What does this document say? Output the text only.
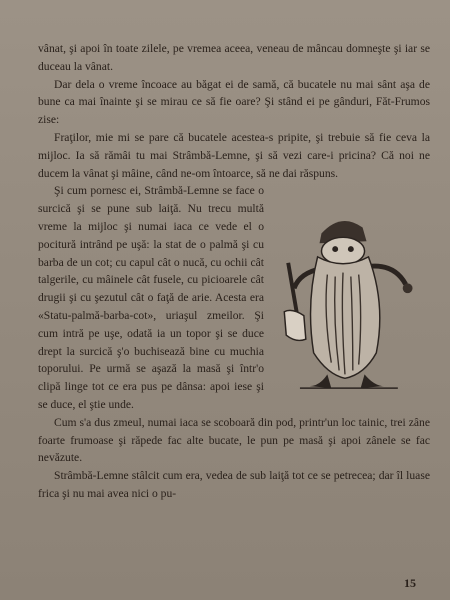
vânat, şi apoi în toate zilele, pe vremea aceea, veneau de mâncau domneşte şi iar se duceau la vânat.

Dar dela o vreme încoace au băgat ei de samă, că bucatele nu mai sânt aşa de bune ca mai înainte şi se mirau ce să fie oare? Şi stând ei pe gânduri, Făt-Frumos zise:

Fraţilor, mie mi se pare că bucatele acestea-s pripite, şi trebuie să fie ceva la mijloc. Ia să rămâi tu mai Strâmbă-Lemne, şi să vezi care-i pricina? Că noi ne ducem la vânat şi mâine, când ne-om întoarce, să ne dai răspuns.

Şi cum pornesc ei, Strâmbă-Lemne se face o surcică şi se pune sub laiţă. Nu trecu multă vreme la mijloc şi numai iaca ce vede el o pocitură intrând pe uşă: la stat de o palmă şi cu barba de un cot; cu capul cât o nucă, cu ochii cât talgerile, cu mâinele cât fusele, cu picioarele cât drugii şi cu şezutul cât o faţă de arie. Acesta era «Statu-palmă-barba-cot», uriaşul zmeilor. Şi cum intră pe uşe, odată ia un topor şi se duce drept la surcică ş'o buchisează bine cu muchia toporului. Pe urmă se aşază la masă şi într'o clipă linge tot ce era pus pe dânsa: apoi iese şi se duce, el ştie unde.

Cum s'a dus zmeul, numai iaca se scoboară din pod, printr'un loc tainic, trei zâne foarte frumoase şi răpede fac alte bucate, le pun pe masă şi apoi zânele se fac nevăzute.

Strâmbă-Lemne stâlcit cum era, vedea de sub laiţă tot ce se petrecea; dar îl luase frica şi nu mai avea nici o pu-

15
